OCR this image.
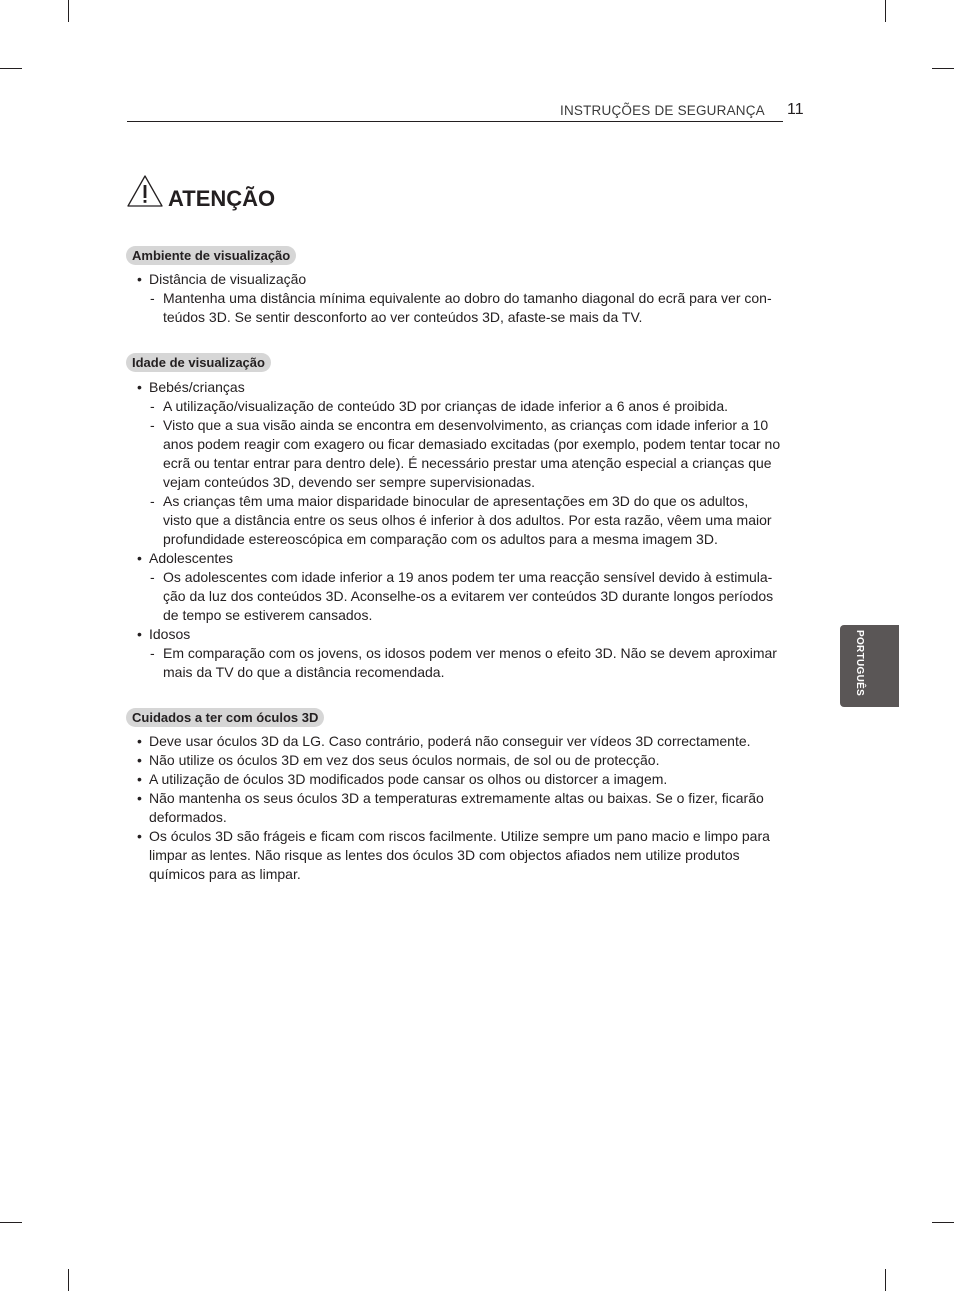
INSTRUÇÕES DE SEGURANÇA 11
ATENÇÃO
Ambiente de visualização
• Distância de visualização
- Mantenha uma distância mínima equivalente ao dobro do tamanho diagonal do ecrã para ver con-
teúdos 3D. Se sentir desconforto ao ver conteúdos 3D, afaste-se mais da TV.
Idade de visualização
• Bebés/crianças
- A utilização/visualização de conteúdo 3D por crianças de idade inferior a 6 anos é proibida.
- Visto que a sua visão ainda se encontra em desenvolvimento, as crianças com idade inferior a 10
anos podem reagir com exagero ou ficar demasiado excitadas (por exemplo, podem tentar tocar no
ecrã ou tentar entrar para dentro dele). É necessário prestar uma atenção especial a crianças que
vejam conteúdos 3D, devendo ser sempre supervisionadas.
- As crianças têm uma maior disparidade binocular de apresentações em 3D do que os adultos,
visto que a distância entre os seus olhos é inferior à dos adultos. Por esta razão, vêem uma maior
profundidade estereoscópica em comparação com os adultos para a mesma imagem 3D.
• Adolescentes
- Os adolescentes com idade inferior a 19 anos podem ter uma reacção sensível devido à estimula-
ção da luz dos conteúdos 3D. Aconselhe-os a evitarem ver conteúdos 3D durante longos períodos
de tempo se estiverem cansados.
• Idosos
- Em comparação com os jovens, os idosos podem ver menos o efeito 3D. Não se devem aproximar
mais da TV do que a distância recomendada.
Cuidados a ter com óculos 3D
• Deve usar óculos 3D da LG. Caso contrário, poderá não conseguir ver vídeos 3D correctamente.
• Não utilize os óculos 3D em vez dos seus óculos normais, de sol ou de protecção.
• A utilização de óculos 3D modificados pode cansar os olhos ou distorcer a imagem.
• Não mantenha os seus óculos 3D a temperaturas extremamente altas ou baixas. Se o fizer, ficarão
deformados.
• Os óculos 3D são frágeis e ficam com riscos facilmente. Utilize sempre um pano macio e limpo para
limpar as lentes. Não risque as lentes dos óculos 3D com objectos afiados nem utilize produtos
químicos para as limpar.
PORTUGUÊS
